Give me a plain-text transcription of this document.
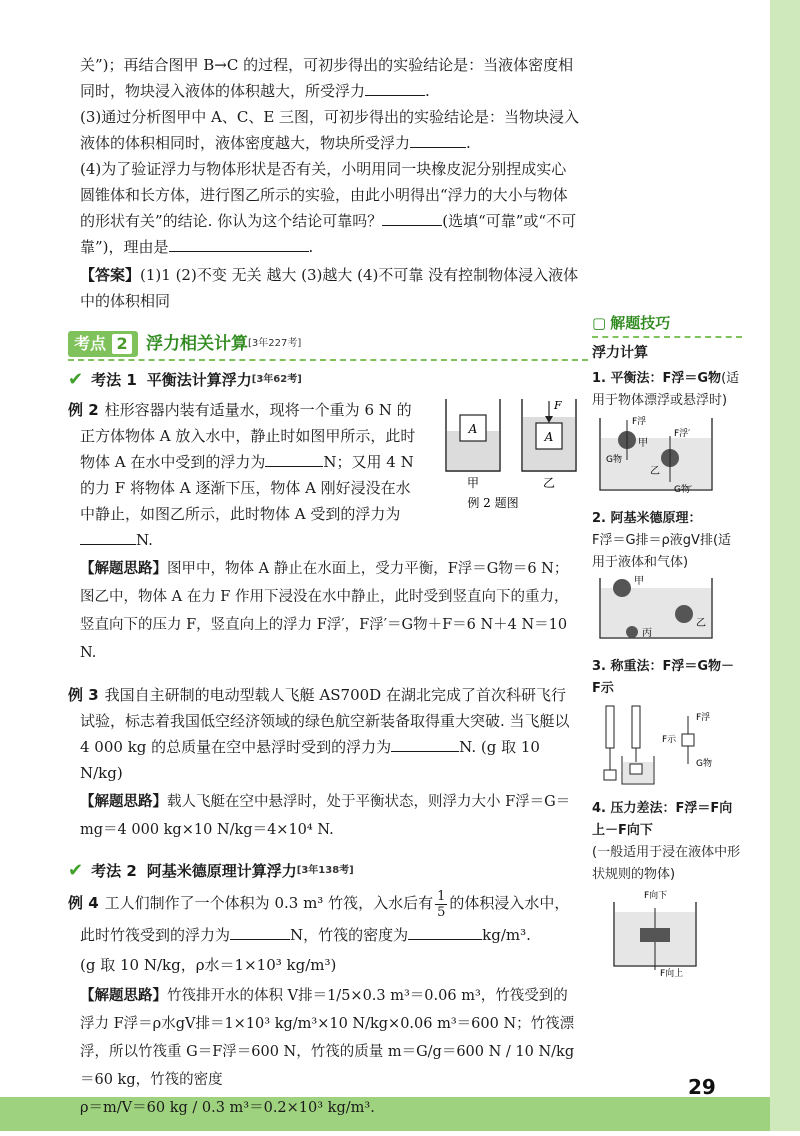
关”)；再结合图甲 B→C 的过程，可初步得出的实验结论是：当液体密度相同时，物块浸入液体的体积越大，所受浮力	.

(3)通过分析图甲中 A、C、E 三图，可初步得出的实验结论是：当物块浸入液体的体积相同时，液体密度越大，物块所受浮力	.

(4)为了验证浮力与物体形状是否有关，小明用同一块橡皮泥分别捏成实心圆锥体和长方体，进行图乙所示的实验，由此小明得出“浮力的大小与物体的形状有关”的结论. 你认为这个结论可靠吗？	(选填“可靠”或“不可靠”)，理由是	.

【答案】(1)1 (2)不变 无关 越大 (3)越大 (4)不可靠 没有控制物体浸入液体中的体积相同

考点 2 浮力相关计算 [3年227考]
✔ 考法 1 平衡法计算浮力 [3年62考]
例 2 柱形容器内装有适量水，现将一个重为 6 N 的正方体物体 A 放入水中，静止时如图甲所示，此时物体 A 在水中受到的浮力为	N；又用 4 N 的力 F 将物体 A 逐渐下压，物体 A 刚好浸没在水中静止，如图乙所示，此时物体 A 受到的浮力为
N.
A
A
F
甲	乙
例 2 题图

【解题思路】图甲中，物体 A 静止在水面上，受力平衡，F浮＝G物＝6 N；图乙中，物体 A 在力 F 作用下浸没在水中静止，此时受到竖直向下的重力，竖直向下的压力 F，竖直向上的浮力 F浮′，F浮′＝G物＋F＝6 N＋4 N＝10 N.

例 3 我国自主研制的电动型载人飞艇 AS700D 在湖北完成了首次科研飞行试验，标志着我国低空经济领域的绿色航空新装备取得重大突破. 当飞艇以 4 000 kg 的总质量在空中悬浮时受到的浮力为	N. (g 取 10 N/kg)

【解题思路】载人飞艇在空中悬浮时，处于平衡状态，则浮力大小 F浮＝G＝mg＝4 000 kg×10 N/kg＝4×10⁴ N.

✔ 考法 2 阿基米德原理计算浮力 [3年138考]

例 4 工人们制作了一个体积为 0.3 m³ 竹筏，入水后有 $\frac{1}{5}$ 的体积浸入水中，此时竹筏受到的浮力为	N，竹筏的密度为	kg/m³.
(g 取 10 N/kg，ρ水＝1×10³ kg/m³)

【解题思路】竹筏排开水的体积 V排＝1/5×0.3 m³＝0.06 m³，竹筏受到的浮力 F浮＝ρ水gV排＝1×10³ kg/m³×10 N/kg×0.06 m³＝600 N；竹筏漂浮，所以竹筏重 G＝F浮＝600 N，竹筏的质量 m＝G/g＝600 N / 10 N/kg＝60 kg，竹筏的密度
ρ＝m/V＝60 kg / 0.3 m³＝0.2×10³ kg/m³.

▢ 解题技巧
浮力计算
1. 平衡法：F浮＝G物(适用于物体漂浮或悬浮时)
F浮
F浮′
甲
乙
G物
G物′
2. 阿基米德原理：
F浮＝G排＝ρ液gV排(适用于液体和气体)
甲
乙
丙
3. 称重法：F浮＝G物－F示
F示
F浮
G物
4. 压力差法：F浮＝F向上－F向下
(一般适用于浸在液体中形状规则的物体)
F向下
F向上
29
